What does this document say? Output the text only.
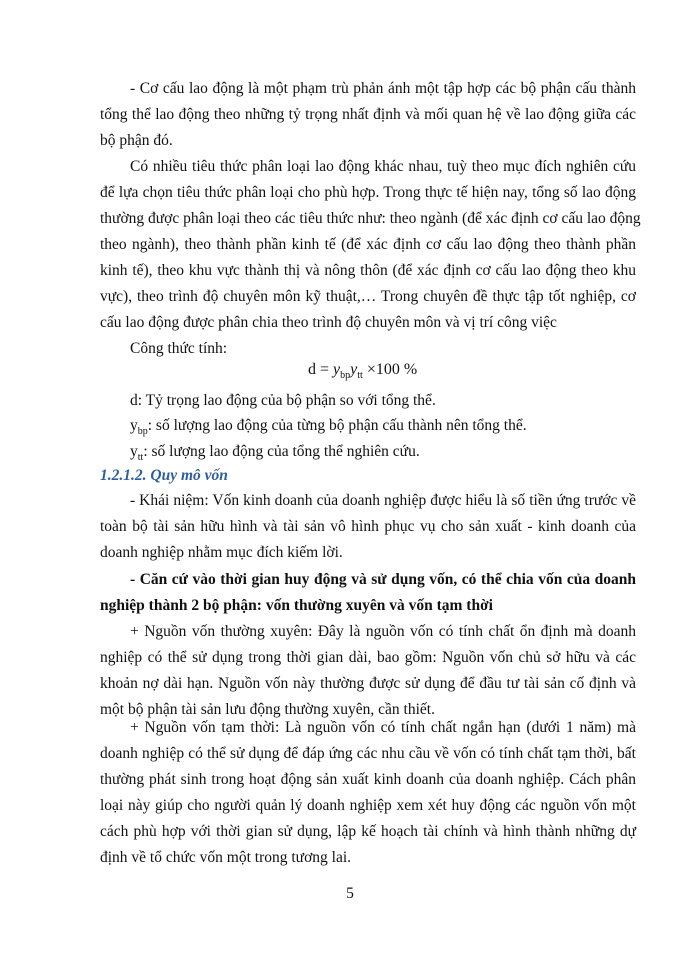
- Cơ cấu lao động là một phạm trù phản ánh một tập hợp các bộ phận cấu thành
tổng thể lao động theo những tỷ trọng nhất định và mối quan hệ về lao động giữa các
bộ phận đó.
Có nhiều tiêu thức phân loại lao động khác nhau, tuỳ theo mục đích nghiên cứu
để lựa chọn tiêu thức phân loại cho phù hợp. Trong thực tế hiện nay, tổng số lao động
thường được phân loại theo các tiêu thức như: theo ngành (để xác định cơ cấu lao động
theo ngành), theo thành phần kinh tế (để xác định cơ cấu lao động theo thành phần
kinh tế), theo khu vực thành thị và nông thôn (để xác định cơ cấu lao động theo khu
vực), theo trình độ chuyên môn kỹ thuật,… Trong chuyên đề thực tập tốt nghiệp, cơ
cấu lao động được phân chia theo trình độ chuyên môn và vị trí công việc
Công thức tính:
$d = y_{bp}y_{tt} \times 100$ %
d: Tỷ trọng lao động của bộ phận so với tổng thể.
$y_{bp}$: số lượng lao động của từng bộ phận cấu thành nên tổng thể.
$y_{tt}$: số lượng lao động của tổng thể nghiên cứu.
1.2.1.2. Quy mô vốn
- Khái niệm: Vốn kinh doanh của doanh nghiệp được hiểu là số tiền ứng trước về
toàn bộ tài sản hữu hình và tài sản vô hình phục vụ cho sản xuất - kinh doanh của
doanh nghiệp nhằm mục đích kiếm lời.
- Căn cứ vào thời gian huy động và sử dụng vốn, có thể chia vốn của doanh
nghiệp thành 2 bộ phận: vốn thường xuyên và vốn tạm thời
+ Nguồn vốn thường xuyên: Đây là nguồn vốn có tính chất ổn định mà doanh
nghiệp có thể sử dụng trong thời gian dài, bao gồm: Nguồn vốn chủ sở hữu và các
khoản nợ dài hạn. Nguồn vốn này thường được sử dụng để đầu tư tài sản cố định và
một bộ phận tài sản lưu động thường xuyên, cần thiết.
+ Nguồn vốn tạm thời: Là nguồn vốn có tính chất ngắn hạn (dưới 1 năm) mà
doanh nghiệp có thể sử dụng để đáp ứng các nhu cầu về vốn có tính chất tạm thời, bất
thường phát sinh trong hoạt động sản xuất kinh doanh của doanh nghiệp. Cách phân
loại này giúp cho người quản lý doanh nghiệp xem xét huy động các nguồn vốn một
cách phù hợp với thời gian sử dụng, lập kế hoạch tài chính và hình thành những dự
định về tổ chức vốn một trong tương lai.
5
